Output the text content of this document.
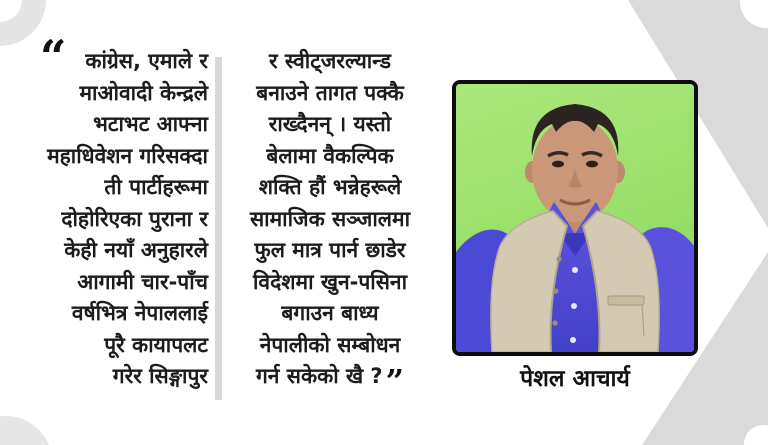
“ कांग्रेस, एमाले र
माओवादी केन्द्रले
भटाभट आफ्ना
महाधिवेशन गरिसक्दा
ती पार्टीहरूमा
दोहोरिएका पुराना र
केही नयाँ अनुहारले
आगामी चार-पाँच
वर्षभित्र नेपाललाई
पूरै कायापलट
गरेर सिङ्गापुर
र स्वीट्जरल्यान्ड
बनाउने तागत पक्कै
राख्दैनन् । यस्तो
बेलामा वैकल्पिक
शक्ति हौं भन्नेहरूले
सामाजिक सञ्जालमा
फुल मात्र पार्न छाडेर
विदेशमा खुन-पसिना
बगाउन बाध्य
नेपालीको सम्बोधन
गर्न सकेको खै ?”	पेशल आचार्य
